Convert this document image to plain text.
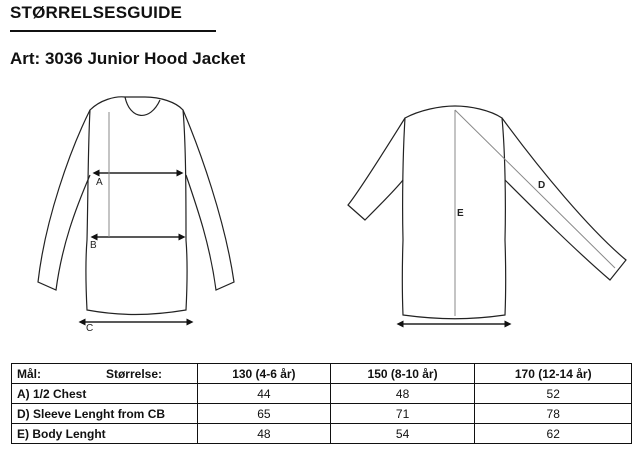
STØRRELSESGUIDE
Art: 3036 Junior Hood Jacket
A
B
C
E
D
Mål: Størrelse:	130 (4-6 år)	150 (8-10 år)	170 (12-14 år)
A) 1/2 Chest	44	48	52
D) Sleeve Lenght from CB	65	71	78
E) Body Lenght	48	54	62
